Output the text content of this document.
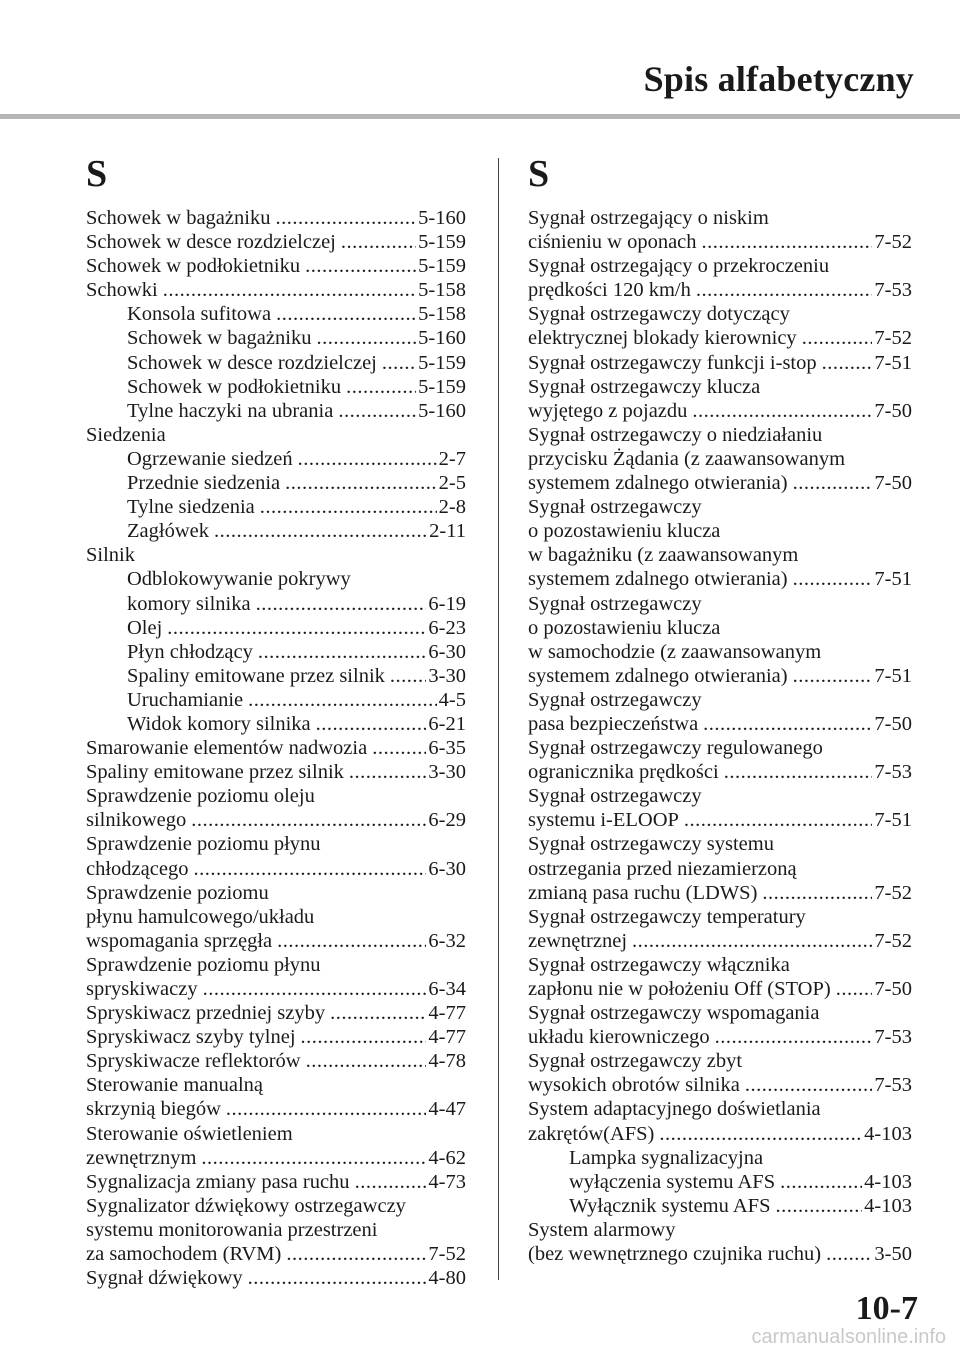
Spis alfabetyczny
S
Schowek w bagażniku .....	5-160
Schowek w desce rozdzielczej .....	5-159
Schowek w podłokietniku .....	5-159
Schowki .....	5-158
Konsola sufitowa .....	5-158
Schowek w bagażniku .....	5-160
Schowek w desce rozdzielczej ..... 5-159
Schowek w podłokietniku .....	5-159
Tylne haczyki na ubrania .....	5-160
Siedzenia
Ogrzewanie siedzeń .....	2-7
Przednie siedzenia .....	2-5
Tylne siedzenia .....	2-8
Zagłówek .....	2-11
Silnik
Odblokowywanie pokrywy
komory silnika .....	6-19
Olej .....	6-23
Płyn chłodzący .....	6-30
Spaliny emitowane przez silnik ..... 3-30
Uruchamianie .....	4-5
Widok komory silnika .....	6-21
Smarowanie elementów nadwozia .....	6-35
Spaliny emitowane przez silnik .....	3-30
Sprawdzenie poziomu oleju
silnikowego .....	6-29
Sprawdzenie poziomu płynu
chłodzącego .....	6-30
Sprawdzenie poziomu
płynu hamulcowego/układu
wspomagania sprzęgła .....	6-32
Sprawdzenie poziomu płynu
spryskiwaczy .....	6-34
Spryskiwacz przedniej szyby .....	4-77
Spryskiwacz szyby tylnej .....	4-77
Spryskiwacze reflektorów .....	4-78
Sterowanie manualną
skrzynią biegów .....	4-47
Sterowanie oświetleniem
zewnętrznym .....	4-62
Sygnalizacja zmiany pasa ruchu .....	4-73
Sygnalizator dźwiękowy ostrzegawczy
systemu monitorowania przestrzeni
za samochodem (RVM) .....	7-52
Sygnał dźwiękowy .....	4-80
S
Sygnał ostrzegający o niskim
ciśnieniu w oponach .....	7-52
Sygnał ostrzegający o przekroczeniu
prędkości 120 km/h .....	7-53
Sygnał ostrzegawczy dotyczący
elektrycznej blokady kierownicy .....	7-52
Sygnał ostrzegawczy funkcji i-stop .....	7-51
Sygnał ostrzegawczy klucza
wyjętego z pojazdu .....	7-50
Sygnał ostrzegawczy o niedziałaniu
przycisku Żądania (z zaawansowanym
systemem zdalnego otwierania) .....	7-50
Sygnał ostrzegawczy
o pozostawieniu klucza
w bagażniku (z zaawansowanym
systemem zdalnego otwierania) .....	7-51
Sygnał ostrzegawczy
o pozostawieniu klucza
w samochodzie (z zaawansowanym
systemem zdalnego otwierania) .....	7-51
Sygnał ostrzegawczy
pasa bezpieczeństwa .....	7-50
Sygnał ostrzegawczy regulowanego
ogranicznika prędkości .....	7-53
Sygnał ostrzegawczy
systemu i-ELOOP .....	7-51
Sygnał ostrzegawczy systemu
ostrzegania przed niezamierzoną
zmianą pasa ruchu (LDWS) .....	7-52
Sygnał ostrzegawczy temperatury
zewnętrznej .....	7-52
Sygnał ostrzegawczy włącznika
zapłonu nie w położeniu Off (STOP) ..... 7-50
Sygnał ostrzegawczy wspomagania
układu kierowniczego .....	7-53
Sygnał ostrzegawczy zbyt
wysokich obrotów silnika .....	7-53
System adaptacyjnego doświetlania
zakrętów(AFS) .....	4-103
Lampka sygnalizacyjna
wyłączenia systemu AFS .....	4-103
Wyłącznik systemu AFS .....	4-103
System alarmowy
(bez wewnętrznego czujnika ruchu) .....	3-50
10-7
carmanualsonline.info
